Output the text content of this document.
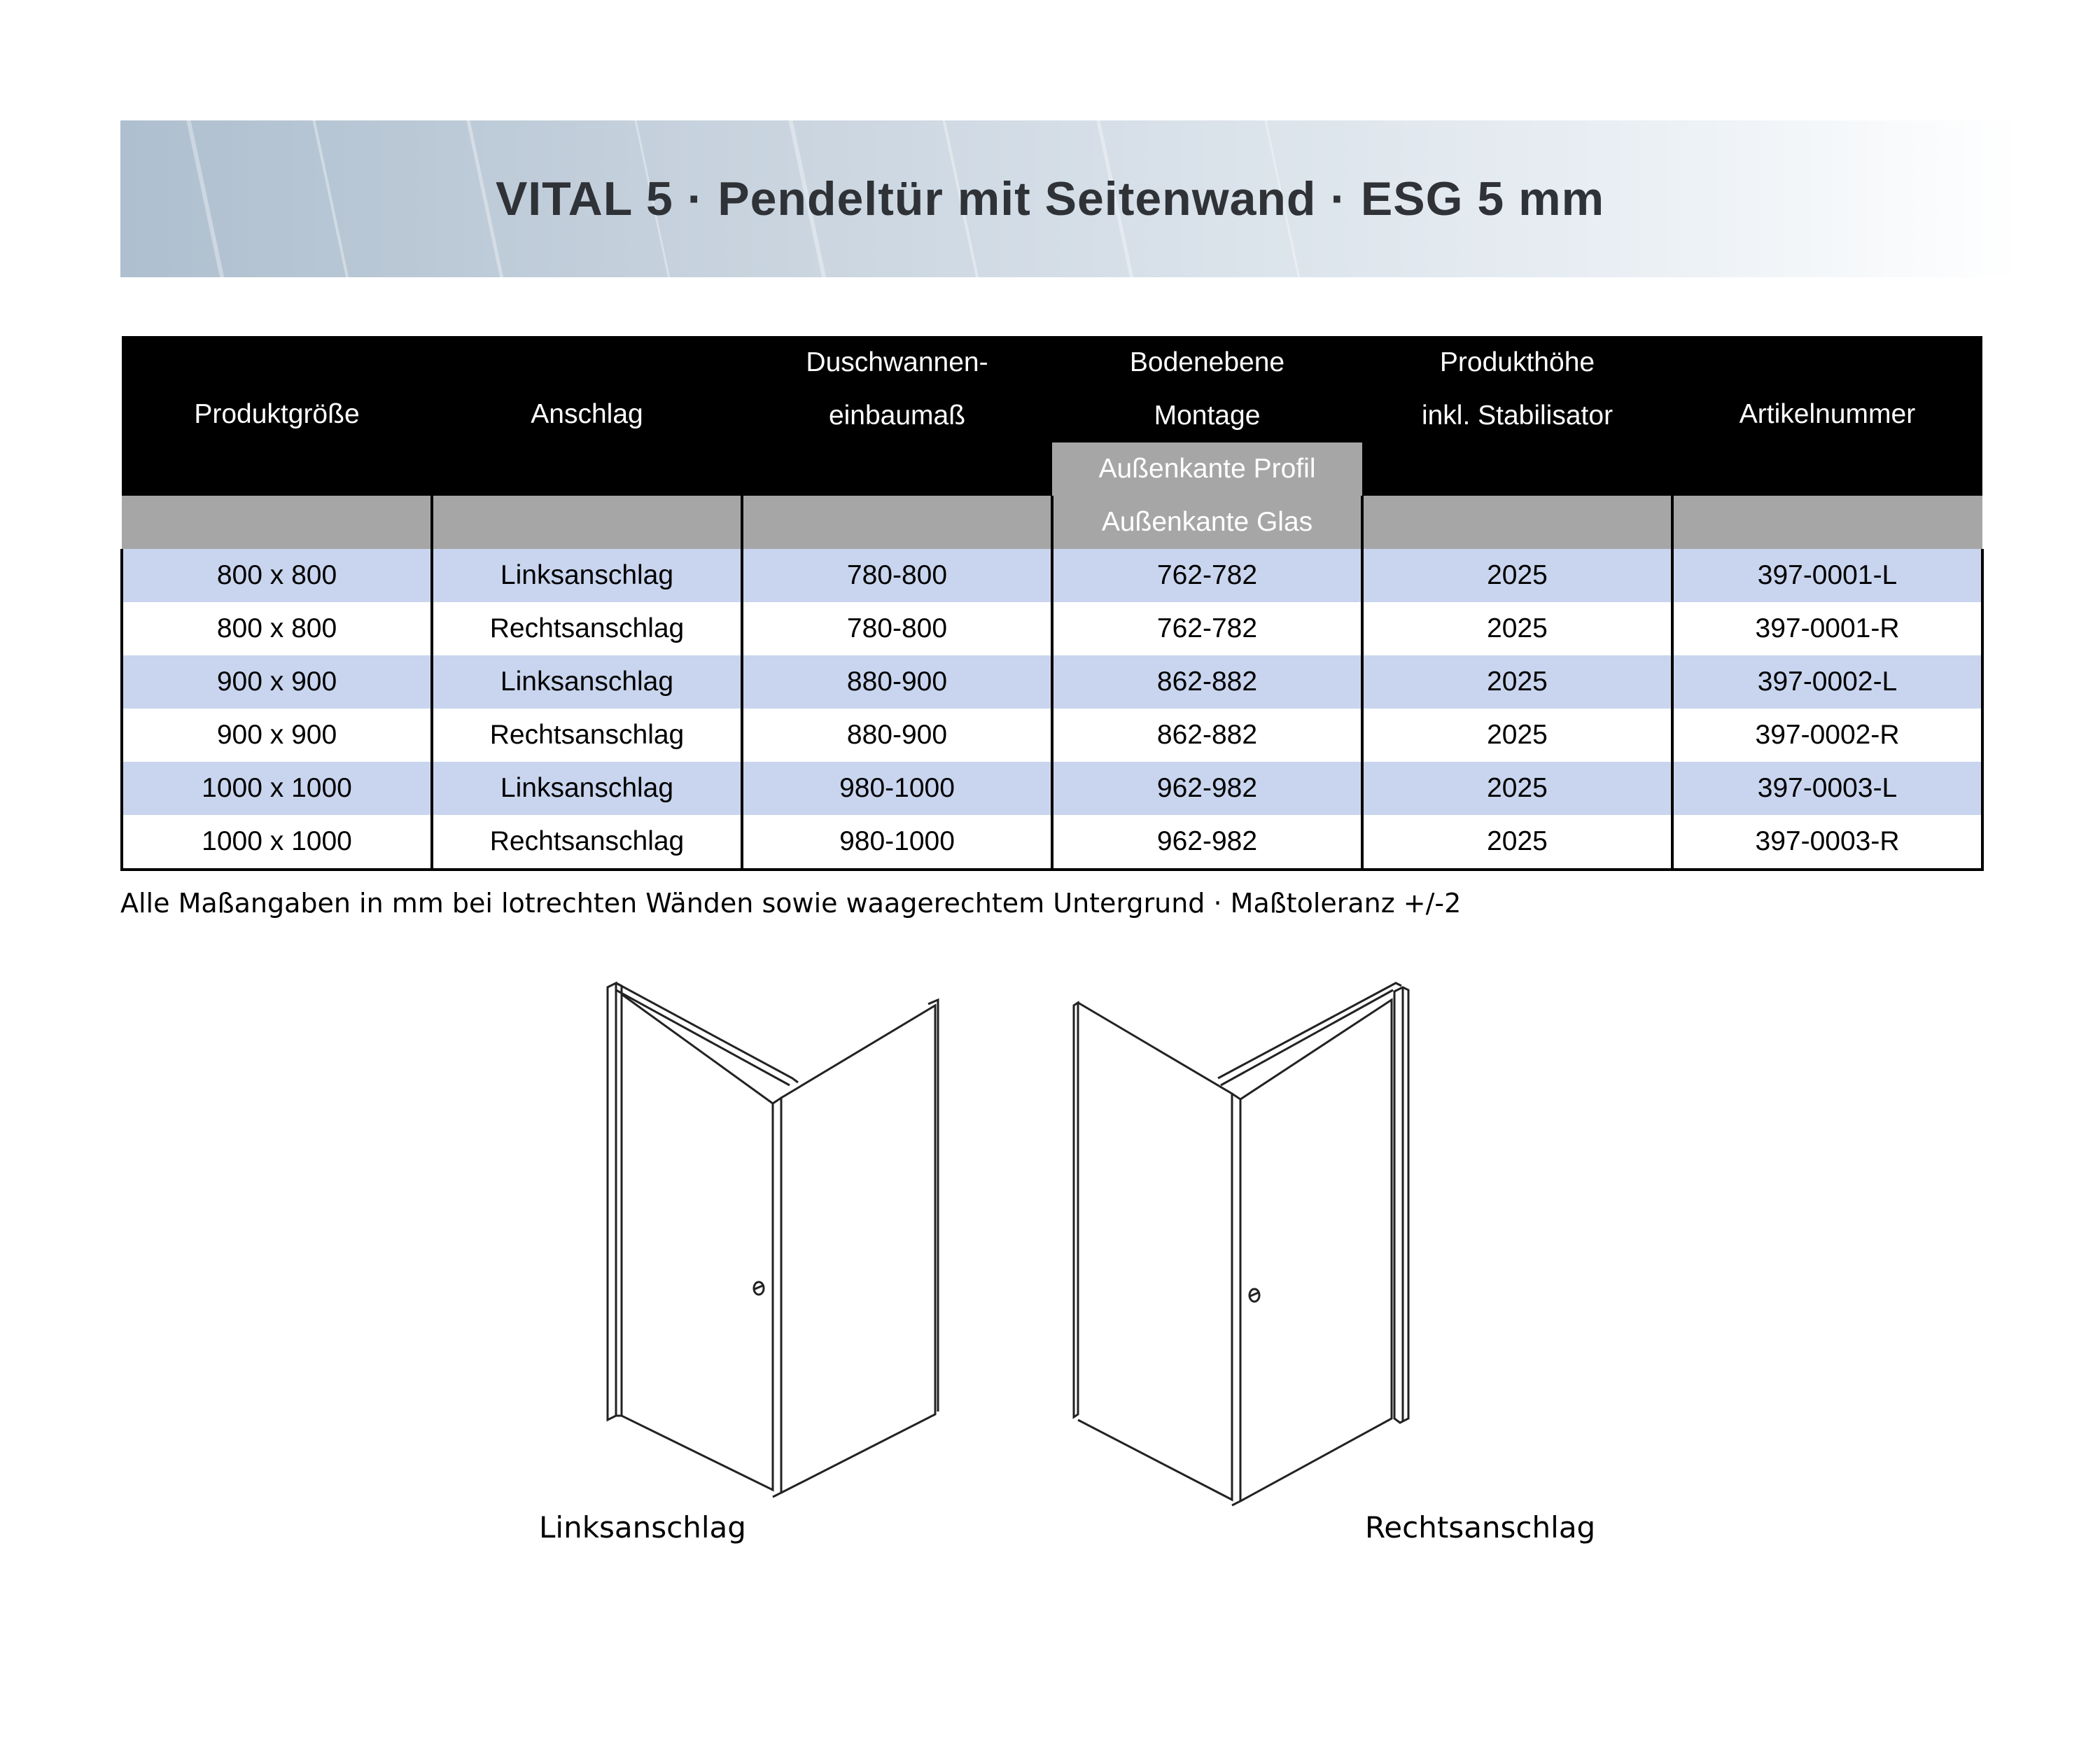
VITAL 5 · Pendeltür mit Seitenwand · ESG 5 mm
Produktgröße	Anschlag	Duschwannen-	Bodenebene	Produkthöhe	Artikelnummer
		einbaumaß	Montage	inkl. Stabilisator	
			Außenkante Profil		
			Außenkante Glas		
800 x 800	Linksanschlag	780-800	762-782	2025	397-0001-L
800 x 800	Rechtsanschlag	780-800	762-782	2025	397-0001-R
900 x 900	Linksanschlag	880-900	862-882	2025	397-0002-L
900 x 900	Rechtsanschlag	880-900	862-882	2025	397-0002-R
1000 x 1000	Linksanschlag	980-1000	962-982	2025	397-0003-L
1000 x 1000	Rechtsanschlag	980-1000	962-982	2025	397-0003-R
Alle Maßangaben in mm bei lotrechten Wänden sowie waagerechtem Untergrund · Maßtoleranz +/-2
Linksanschlag	Rechtsanschlag
